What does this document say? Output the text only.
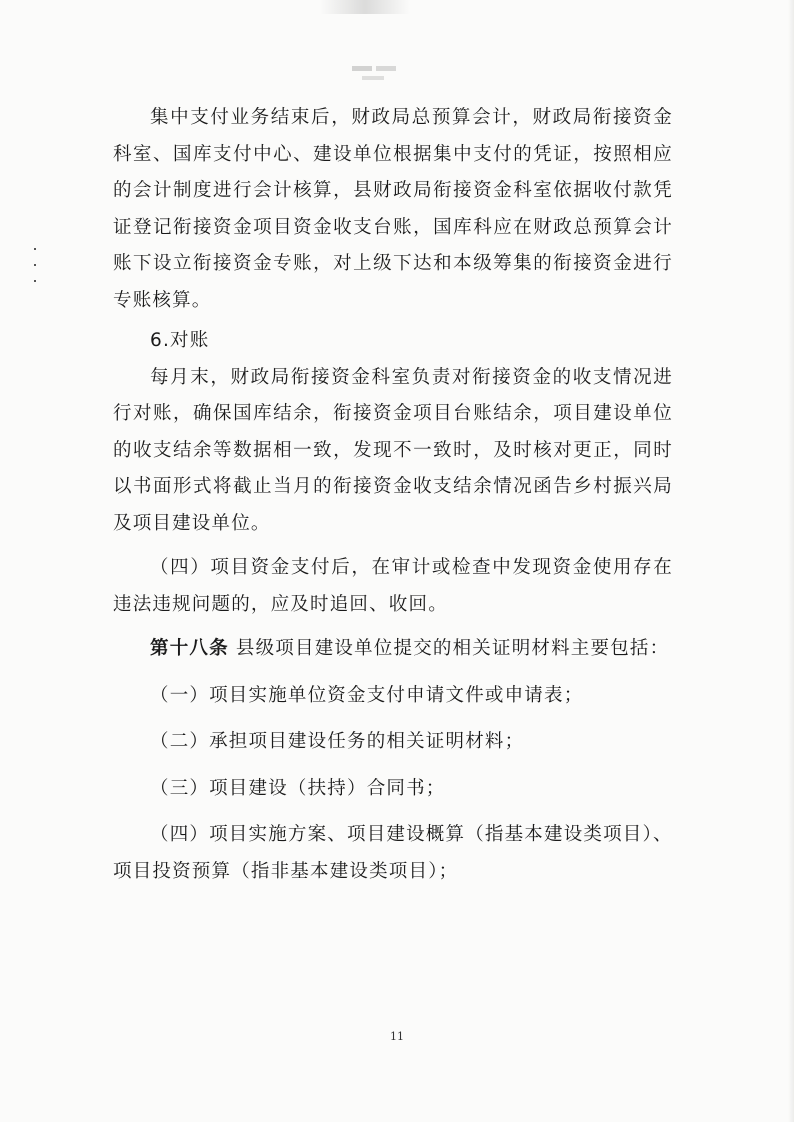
集中支付业务结束后，财政局总预算会计，财政局衔接资金科室、国库支付中心、建设单位根据集中支付的凭证，按照相应的会计制度进行会计核算，县财政局衔接资金科室依据收付款凭证登记衔接资金项目资金收支台账，国库科应在财政总预算会计账下设立衔接资金专账，对上级下达和本级筹集的衔接资金进行专账核算。

6.对账

每月末，财政局衔接资金科室负责对衔接资金的收支情况进行对账，确保国库结余，衔接资金项目台账结余，项目建设单位的收支结余等数据相一致，发现不一致时，及时核对更正，同时以书面形式将截止当月的衔接资金收支结余情况函告乡村振兴局及项目建设单位。

（四）项目资金支付后，在审计或检查中发现资金使用存在违法违规问题的，应及时追回、收回。

第十八条 县级项目建设单位提交的相关证明材料主要包括：

（一）项目实施单位资金支付申请文件或申请表；

（二）承担项目建设任务的相关证明材料；

（三）项目建设（扶持）合同书；

（四）项目实施方案、项目建设概算（指基本建设类项目）、项目投资预算（指非基本建设类项目）；

11
